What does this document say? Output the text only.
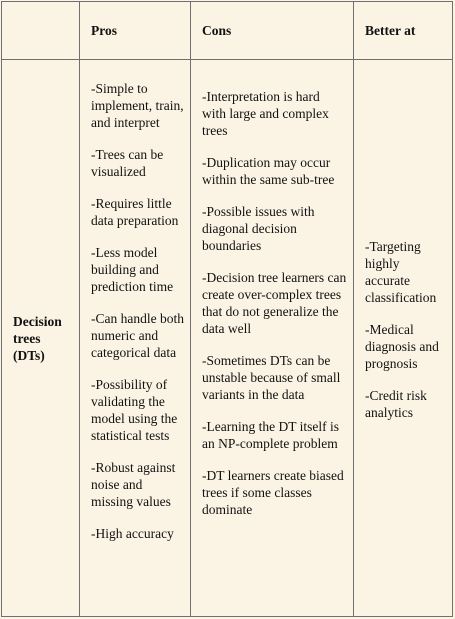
Pros	Cons	Better at
Decision trees (DTs)
-Simple to implement, train, and interpret
-Trees can be visualized
-Requires little data preparation
-Less model building and prediction time
-Can handle both numeric and categorical data
-Possibility of validating the model using the statistical tests
-Robust against noise and missing values
-High accuracy
-Interpretation is hard with large and complex trees
-Duplication may occur within the same sub-tree
-Possible issues with diagonal decision boundaries
-Decision tree learners can create over-complex trees that do not generalize the data well
-Sometimes DTs can be unstable because of small variants in the data
-Learning the DT itself is an NP-complete problem
-DT learners create biased trees if some classes dominate
-Targeting highly accurate classification
-Medical diagnosis and prognosis
-Credit risk analytics
